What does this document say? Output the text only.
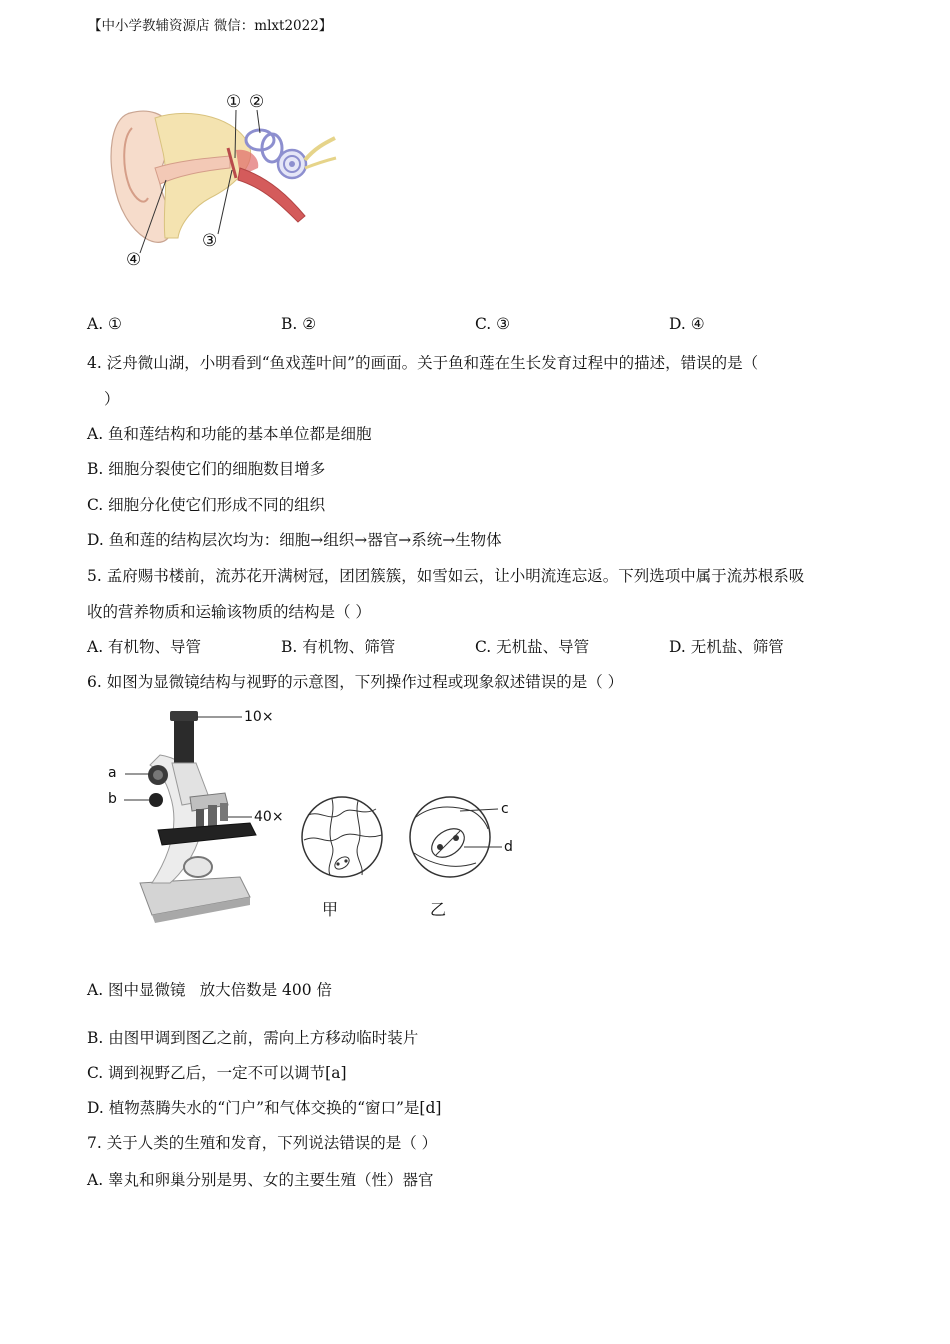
【中小学教辅资源店 微信：mlxt2022】
① ②
③
④
A. ①	B. ②	C. ③	D. ④
4. 泛舟微山湖，小明看到“鱼戏莲叶间”的画面。关于鱼和莲在生长发育过程中的描述，错误的是（
）
A. 鱼和莲结构和功能的基本单位都是细胞
B. 细胞分裂使它们的细胞数目增多
C. 细胞分化使它们形成不同的组织
D. 鱼和莲的结构层次均为：细胞→组织→器官→系统→生物体
5. 孟府赐书楼前，流苏花开满树冠，团团簇簇，如雪如云，让小明流连忘返。下列选项中属于流苏根系吸
收的营养物质和运输该物质的结构是（ ）
A. 有机物、导管	B. 有机物、筛管	C. 无机盐、导管	D. 无机盐、筛管
6. 如图为显微镜结构与视野的示意图，下列操作过程或现象叙述错误的是（ ）
10×
a
b
40×	c
d
甲	乙
A. 图中显微镜 放大倍数是 400 倍
B. 由图甲调到图乙之前，需向上方移动临时装片
C. 调到视野乙后，一定不可以调节[a]
D. 植物蒸腾失水的“门户”和气体交换的“窗口”是[d]
7. 关于人类的生殖和发育，下列说法错误的是（ ）
A. 睾丸和卵巢分别是男、女的主要生殖（性）器官
